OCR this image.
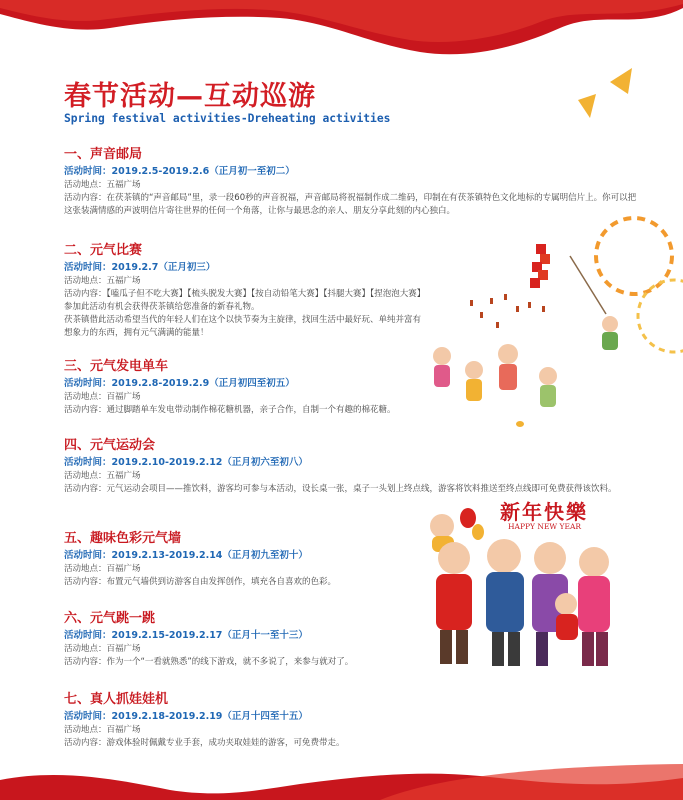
春节活动—互动巡游

Spring festival activities-Dreheating activities

一、声音邮局

活动时间：2019.2.5-2019.2.6（正月初一至初二）

活动地点：五福广场

活动内容：在茯茶镇的“声音邮局”里，录一段60秒的声音祝福，声音邮局将祝福制作成二维码，印制在有茯茶镇特色文化地标的专属明信片上。你可以把这张装满情感的声波明信片寄往世界的任何一个角落，让你与最思念的亲人、朋友分享此刻的内心独白。

二、元气比赛

活动时间：2019.2.7（正月初三）

活动地点：五福广场

活动内容：【嗑瓜子但不吃大赛】【梳头脱发大赛】【按自动铅笔大赛】【抖腿大赛】【捏泡泡大赛】

参加此活动有机会获得茯茶镇给您准备的新春礼物。

茯茶镇借此活动希望当代的年轻人们在这个以快节奏为主旋律，找回生活中最好玩、单纯并富有

想象力的东西，拥有元气满满的能量！

三、元气发电单车

活动时间：2019.2.8-2019.2.9（正月初四至初五）

活动地点：百福广场

活动内容：通过脚踏单车发电带动制作棉花糖机器，亲子合作，自制一个有趣的棉花糖。

四、元气运动会

活动时间：2019.2.10-2019.2.12（正月初六至初八）

活动地点：五福广场

活动内容：元气运动会项目——推饮料，游客均可参与本活动，设长桌一张，桌子一头划上终点线，游客将饮料推送至终点线即可免费获得该饮料。

五、趣味色彩元气墙

活动时间：2019.2.13-2019.2.14（正月初九至初十）

活动地点：百福广场

活动内容：布置元气墙供到访游客自由发挥创作，填充各自喜欢的色彩。

六、元气跳一跳

活动时间：2019.2.15-2019.2.17（正月十一至十三）

活动地点：百福广场

活动内容：作为一个“一看就熟悉”的线下游戏，就不多说了，来参与就对了。

七、真人抓娃娃机

活动时间：2019.2.18-2019.2.19（正月十四至十五）

活动地点：百福广场

活动内容：游戏体验时佩戴专业手套，成功夹取娃娃的游客，可免费带走。

新年快樂
HAPPY NEW YEAR
